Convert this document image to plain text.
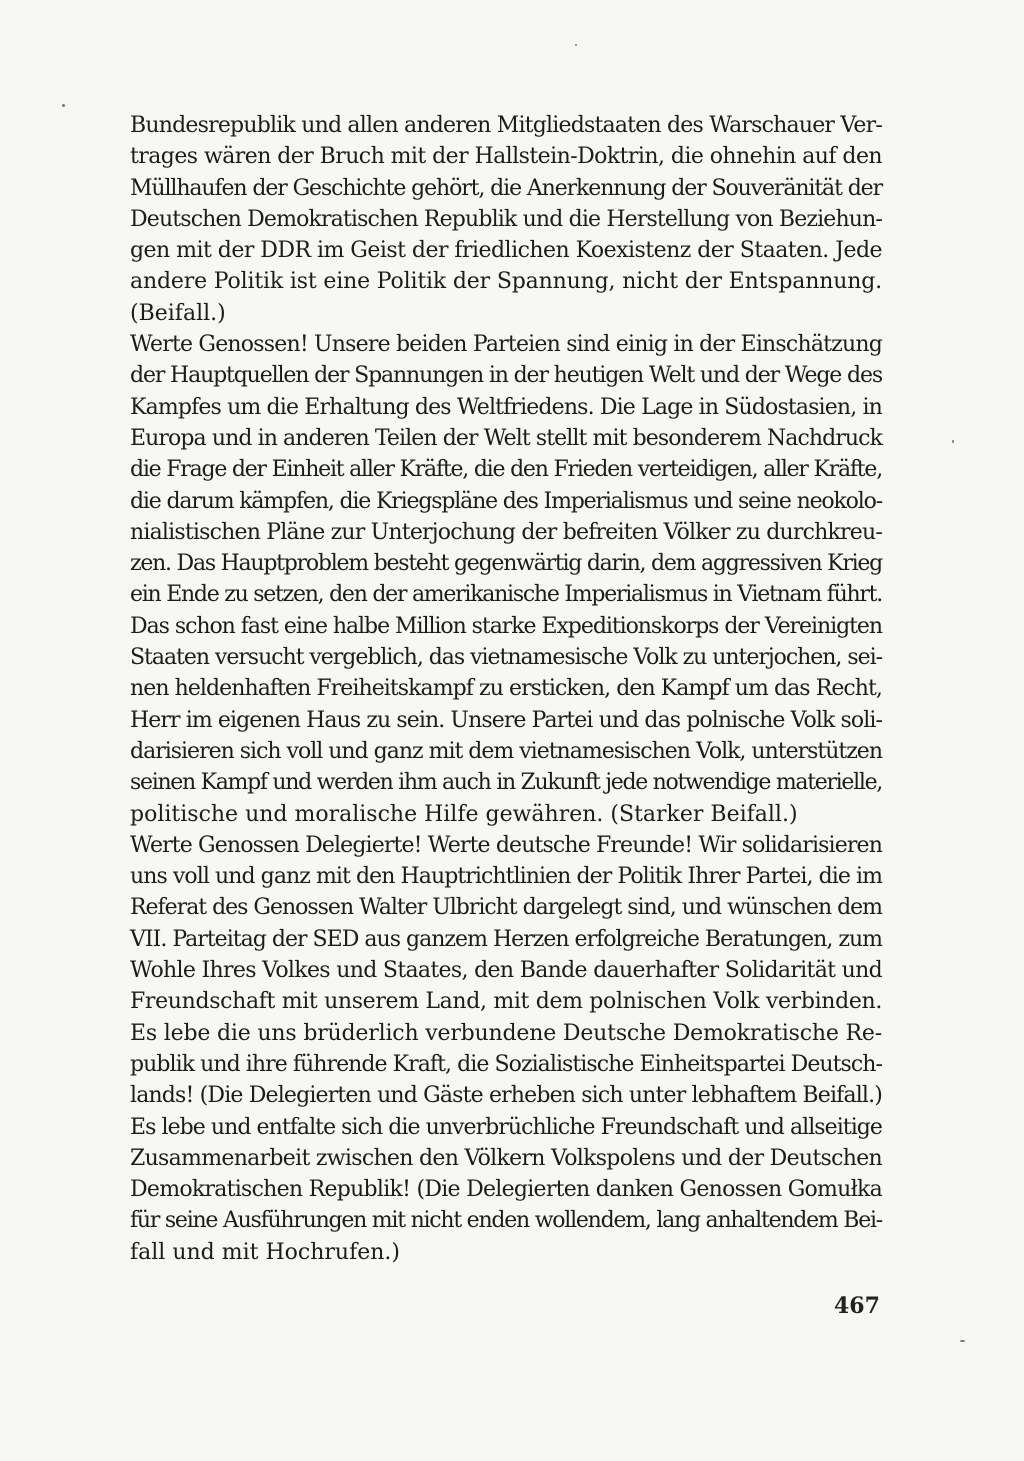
Bundesrepublik und allen anderen Mitgliedstaaten des Warschauer Ver-
trages wären der Bruch mit der Hallstein-Doktrin, die ohnehin auf den
Müllhaufen der Geschichte gehört, die Anerkennung der Souveränität der
Deutschen Demokratischen Republik und die Herstellung von Beziehun-
gen mit der DDR im Geist der friedlichen Koexistenz der Staaten. Jede
andere Politik ist eine Politik der Spannung, nicht der Entspannung.
(Beifall.)

Werte Genossen! Unsere beiden Parteien sind einig in der Einschätzung
der Hauptquellen der Spannungen in der heutigen Welt und der Wege des
Kampfes um die Erhaltung des Weltfriedens. Die Lage in Südostasien, in
Europa und in anderen Teilen der Welt stellt mit besonderem Nachdruck
die Frage der Einheit aller Kräfte, die den Frieden verteidigen, aller Kräfte,
die darum kämpfen, die Kriegspläne des Imperialismus und seine neokolo-
nialistischen Pläne zur Unterjochung der befreiten Völker zu durchkreu-
zen. Das Hauptproblem besteht gegenwärtig darin, dem aggressiven Krieg
ein Ende zu setzen, den der amerikanische Imperialismus in Vietnam führt.
Das schon fast eine halbe Million starke Expeditionskorps der Vereinigten
Staaten versucht vergeblich, das vietnamesische Volk zu unterjochen, sei-
nen heldenhaften Freiheitskampf zu ersticken, den Kampf um das Recht,
Herr im eigenen Haus zu sein. Unsere Partei und das polnische Volk soli-
darisieren sich voll und ganz mit dem vietnamesischen Volk, unterstützen
seinen Kampf und werden ihm auch in Zukunft jede notwendige materielle,
politische und moralische Hilfe gewähren. (Starker Beifall.)

Werte Genossen Delegierte! Werte deutsche Freunde! Wir solidarisieren
uns voll und ganz mit den Hauptrichtlinien der Politik Ihrer Partei, die im
Referat des Genossen Walter Ulbricht dargelegt sind, und wünschen dem
VII. Parteitag der SED aus ganzem Herzen erfolgreiche Beratungen, zum
Wohle Ihres Volkes und Staates, den Bande dauerhafter Solidarität und
Freundschaft mit unserem Land, mit dem polnischen Volk verbinden.

Es lebe die uns brüderlich verbundene Deutsche Demokratische Re-
publik und ihre führende Kraft, die Sozialistische Einheitspartei Deutsch-
lands! (Die Delegierten und Gäste erheben sich unter lebhaftem Beifall.)

Es lebe und entfalte sich die unverbrüchliche Freundschaft und allseitige
Zusammenarbeit zwischen den Völkern Volkspolens und der Deutschen
Demokratischen Republik! (Die Delegierten danken Genossen Gomułka
für seine Ausführungen mit nicht enden wollendem, lang anhaltendem Bei-
fall und mit Hochrufen.)

467
